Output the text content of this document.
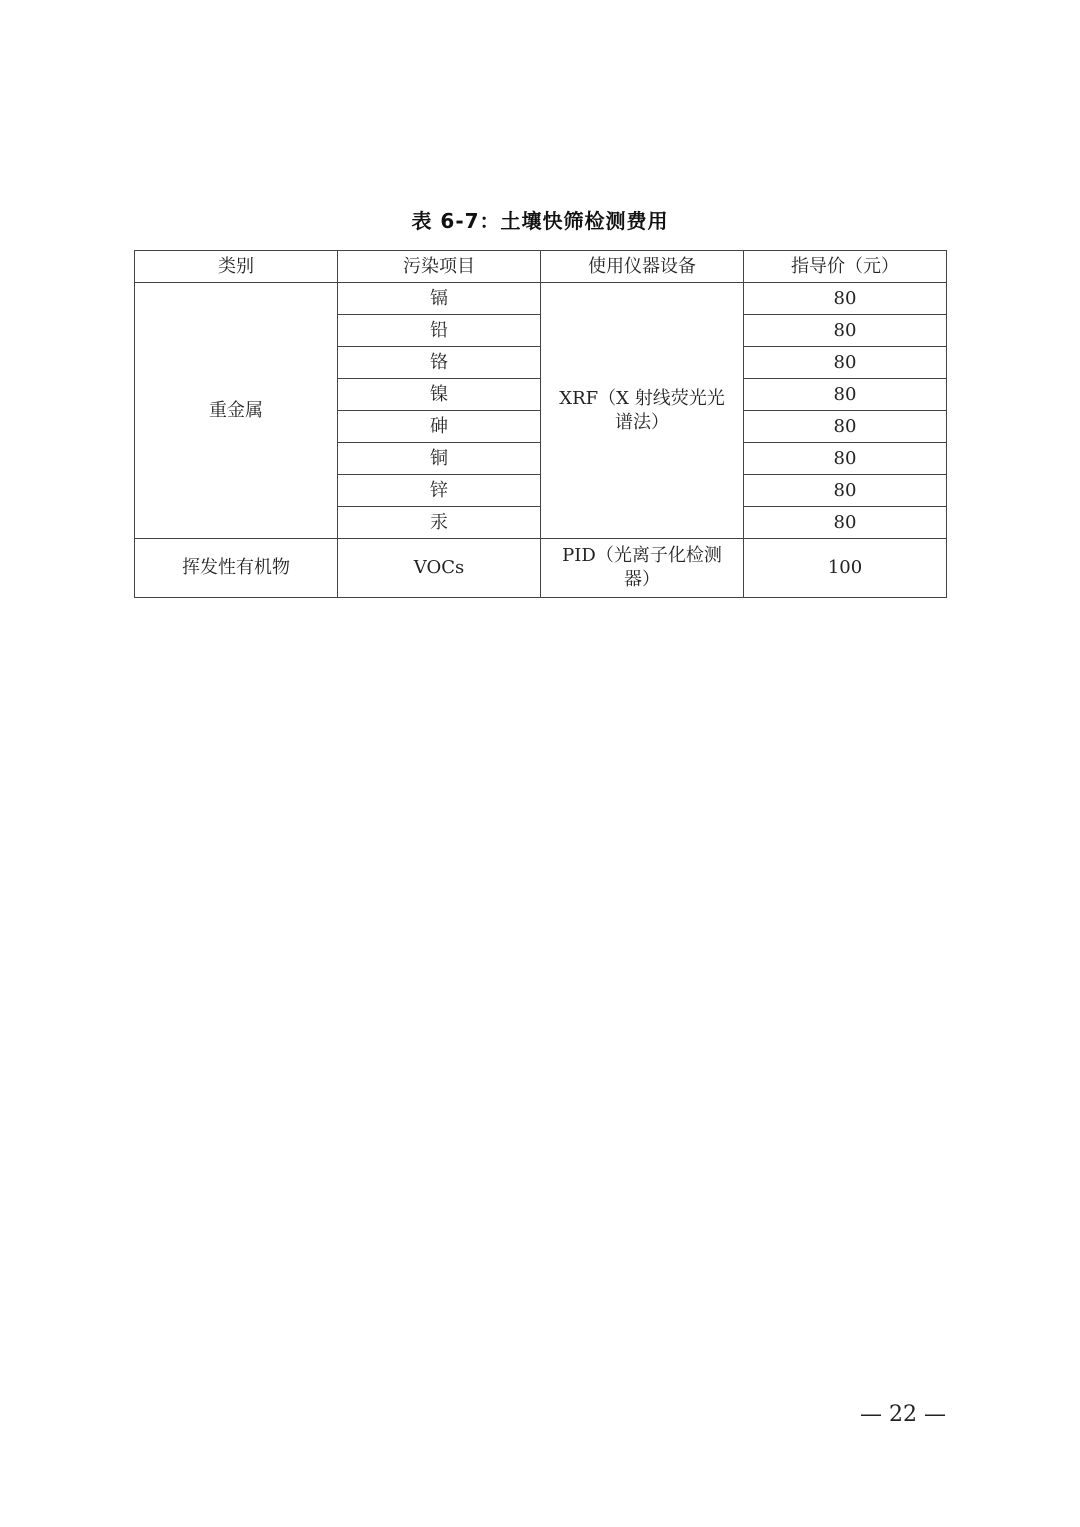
表 6-7：土壤快筛检测费用
类别	污染项目	使用仪器设备	指导价（元）
重金属	镉	XRF（X 射线荧光光谱法）	80
	铅		80
	铬		80
	镍		80
	砷		80
	铜		80
	锌		80
	汞		80
挥发性有机物	VOCs	PID（光离子化检测器）	100
— 22 —
